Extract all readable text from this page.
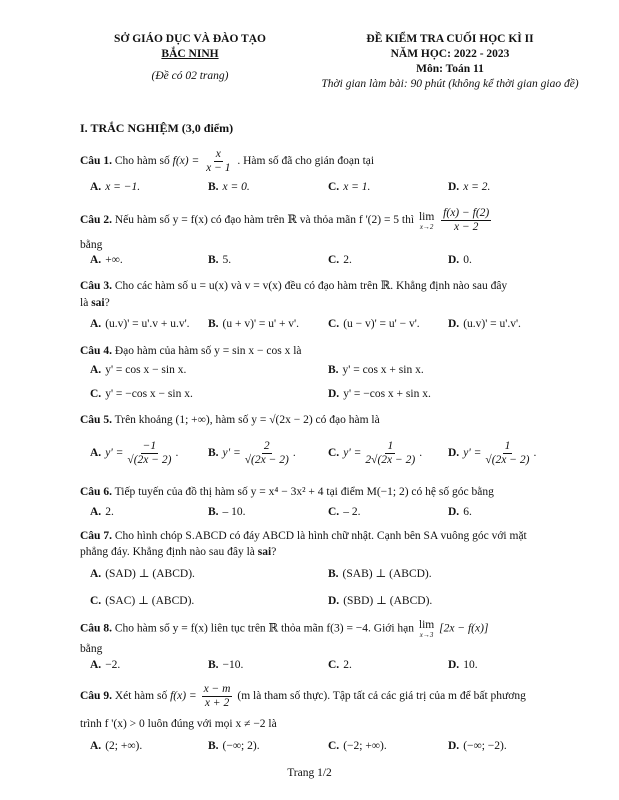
SỞ GIÁO DỤC VÀ ĐÀO TẠO
BẮC NINH
(Đề có 02 trang)
ĐỀ KIỂM TRA CUỐI HỌC KÌ II
NĂM HỌC: 2022 - 2023
Môn: Toán 11
Thời gian làm bài: 90 phút (không kể thời gian giao đề)
I. TRẮC NGHIỆM (3,0 điểm)
Câu 1. Cho hàm số $f(x) = \frac{x}{x - 1}$ . Hàm số đã cho gián đoạn tại
A. x = −1.	B. x = 0.	C. x = 1.	D. x = 2.
Câu 2. Nếu hàm số y = f(x) có đạo hàm trên ℝ và thỏa mãn f '(2) = 5 thì lim
x→2
$\frac{f(x) - f(2)}{x - 2}$
bằng
A. +∞.	B. 5.	C. 2.	D. 0.
Câu 3. Cho các hàm số u = u(x) và v = v(x) đều có đạo hàm trên ℝ. Khẳng định nào sau đây
là sai?
A. (u.v)' = u'.v + u.v'. B. (u + v)' = u' + v'.	C. (u − v)' = u' − v'. D. (u.v)' = u'.v'.
Câu 4. Đạo hàm của hàm số y = sin x − cos x là
A. y' = cos x − sin x.	B. y' = cos x + sin x.
C. y' = −cos x − sin x.	D. y' = −cos x + sin x.
Câu 5. Trên khoảng (1; +∞), hàm số y = √(2x − 2) có đạo hàm là
A. $y' = \frac{-1}{√(2x - 2)}$ .	B. $y' = \frac{2}{√(2x - 2)}$ .	C. $y' = \frac{1}{2√(2x - 2)}$ . D. $y' = \frac{1}{√(2x - 2)}$ .
Câu 6. Tiếp tuyến của đồ thị hàm số y = x⁴ − 3x² + 4 tại điểm M(−1; 2) có hệ số góc bằng
A. 2.	B. – 10.	C. – 2.	D. 6.
Câu 7. Cho hình chóp S.ABCD có đáy ABCD là hình chữ nhật. Cạnh bên SA vuông góc với mặt
phẳng đáy. Khẳng định nào sau đây là sai?
A. (SAD) ⊥ (ABCD).	B. (SAB) ⊥ (ABCD).
C. (SAC) ⊥ (ABCD).	D. (SBD) ⊥ (ABCD).
Câu 8. Cho hàm số y = f(x) liên tục trên ℝ thỏa mãn f(3) = −4. Giới hạn lim
x→3
[2x − f(x)]
bằng
A. −2.	B. −10.	C. 2.	D. 10.
Câu 9. Xét hàm số $f(x) = \frac{x - m}{x + 2} (m$ là tham số thực). Tập tất cả các giá trị của m để bất phương
trình f '(x) > 0 luôn đúng với mọi x ≠ −2 là
A. (2; +∞).	B. (−∞; 2).	C. (−2; +∞).	D. (−∞; −2).
Trang 1/2
